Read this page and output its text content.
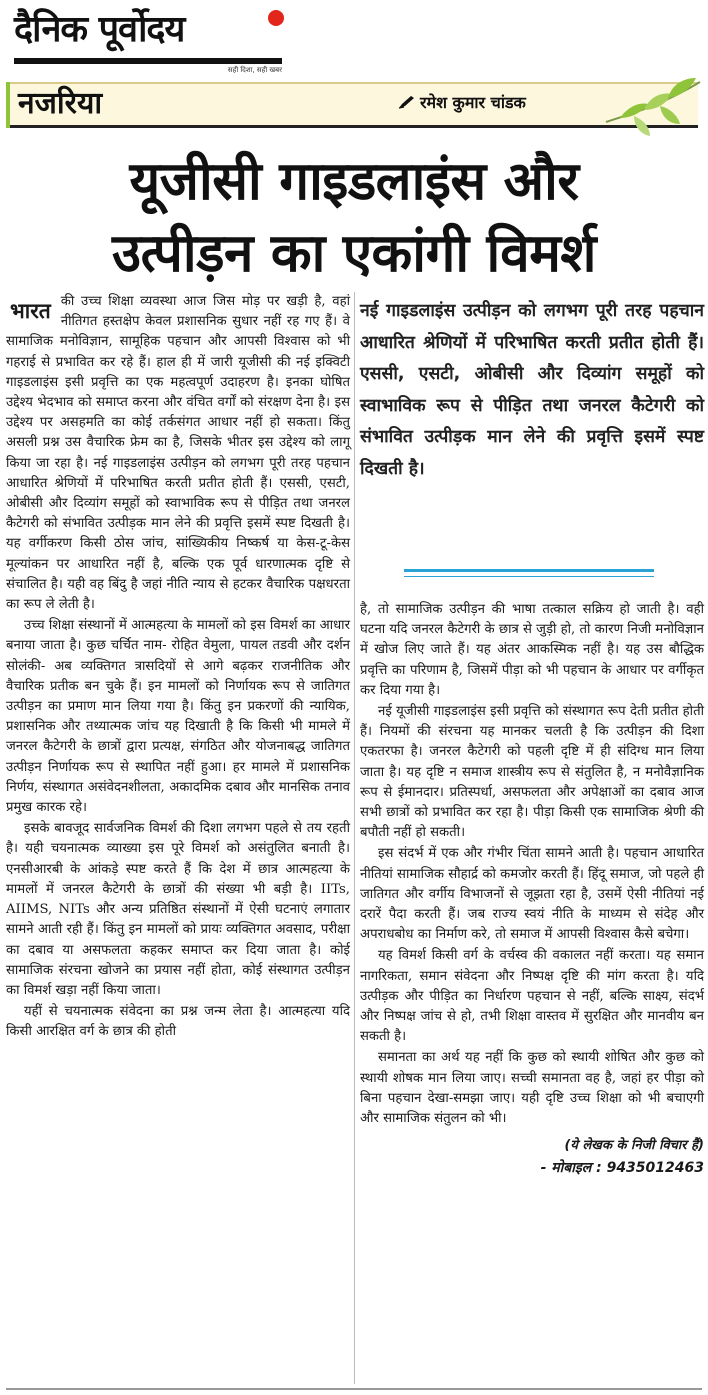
दैनिक पूर्वोदय
सही दिशा, सही खबर
नजरिया	रमेश कुमार चांडक
यूजीसी गाइडलाइंस और
उत्पीड़न का एकांगी विमर्श

भारत की उच्च शिक्षा व्यवस्था आज जिस मोड़ पर खड़ी है, वहां नीतिगत हस्तक्षेप केवल प्रशासनिक सुधार नहीं रह गए हैं। वे सामाजिक मनोविज्ञान, सामूहिक पहचान और आपसी विश्वास को भी गहराई से प्रभावित कर रहे हैं। हाल ही में जारी यूजीसी की नई इक्विटी गाइडलाइंस इसी प्रवृत्ति का एक महत्वपूर्ण उदाहरण है। इनका घोषित उद्देश्य भेदभाव को समाप्त करना और वंचित वर्गों को संरक्षण देना है। इस उद्देश्य पर असहमति का कोई तर्कसंगत आधार नहीं हो सकता। किंतु असली प्रश्न उस वैचारिक फ्रेम का है, जिसके भीतर इस उद्देश्य को लागू किया जा रहा है। नई गाइडलाइंस उत्पीड़न को लगभग पूरी तरह पहचान आधारित श्रेणियों में परिभाषित करती प्रतीत होती हैं। एससी, एसटी, ओबीसी और दिव्यांग समूहों को स्वाभाविक रूप से पीड़ित तथा जनरल कैटेगरी को संभावित उत्पीड़क मान लेने की प्रवृत्ति इसमें स्पष्ट दिखती है। यह वर्गीकरण किसी ठोस जांच, सांख्यिकीय निष्कर्ष या केस-टू-केस मूल्यांकन पर आधारित नहीं है, बल्कि एक पूर्व धारणात्मक दृष्टि से संचालित है। यही वह बिंदु है जहां नीति न्याय से हटकर वैचारिक पक्षधरता का रूप ले लेती है।

उच्च शिक्षा संस्थानों में आत्महत्या के मामलों को इस विमर्श का आधार बनाया जाता है। कुछ चर्चित नाम- रोहित वेमुला, पायल तडवी और दर्शन सोलंकी- अब व्यक्तिगत त्रासदियों से आगे बढ़कर राजनीतिक और वैचारिक प्रतीक बन चुके हैं। इन मामलों को निर्णायक रूप से जातिगत उत्पीड़न का प्रमाण मान लिया गया है। किंतु इन प्रकरणों की न्यायिक, प्रशासनिक और तथ्यात्मक जांच यह दिखाती है कि किसी भी मामले में जनरल कैटेगरी के छात्रों द्वारा प्रत्यक्ष, संगठित और योजनाबद्ध जातिगत उत्पीड़न निर्णायक रूप से स्थापित नहीं हुआ। हर मामले में प्रशासनिक निर्णय, संस्थागत असंवेदनशीलता, अकादमिक दबाव और मानसिक तनाव प्रमुख कारक रहे।

इसके बावजूद सार्वजनिक विमर्श की दिशा लगभग पहले से तय रहती है। यही चयनात्मक व्याख्या इस पूरे विमर्श को असंतुलित बनाती है। एनसीआरबी के आंकड़े स्पष्ट करते हैं कि देश में छात्र आत्महत्या के मामलों में जनरल कैटेगरी के छात्रों की संख्या भी बड़ी है। IITs, AIIMS, NITs और अन्य प्रतिष्ठित संस्थानों में ऐसी घटनाएं लगातार सामने आती रही हैं। किंतु इन मामलों को प्रायः व्यक्तिगत अवसाद, परीक्षा का दबाव या असफलता कहकर समाप्त कर दिया जाता है। कोई सामाजिक संरचना खोजने का प्रयास नहीं होता, कोई संस्थागत उत्पीड़न का विमर्श खड़ा नहीं किया जाता।

यहीं से चयनात्मक संवेदना का प्रश्न जन्म लेता है। आत्महत्या यदि किसी आरक्षित वर्ग के छात्र की होती

नई गाइडलाइंस उत्पीड़न को लगभग पूरी तरह पहचान आधारित श्रेणियों में परिभाषित करती प्रतीत होती हैं। एससी, एसटी, ओबीसी और दिव्यांग समूहों को स्वाभाविक रूप से पीड़ित तथा जनरल कैटेगरी को संभावित उत्पीड़क मान लेने की प्रवृत्ति इसमें स्पष्ट दिखती है।

है, तो सामाजिक उत्पीड़न की भाषा तत्काल सक्रिय हो जाती है। वही घटना यदि जनरल कैटेगरी के छात्र से जुड़ी हो, तो कारण निजी मनोविज्ञान में खोज लिए जाते हैं। यह अंतर आकस्मिक नहीं है। यह उस बौद्धिक प्रवृत्ति का परिणाम है, जिसमें पीड़ा को भी पहचान के आधार पर वर्गीकृत कर दिया गया है।

नई यूजीसी गाइडलाइंस इसी प्रवृत्ति को संस्थागत रूप देती प्रतीत होती हैं। नियमों की संरचना यह मानकर चलती है कि उत्पीड़न की दिशा एकतरफा है। जनरल कैटेगरी को पहली दृष्टि में ही संदिग्ध मान लिया जाता है। यह दृष्टि न समाज शास्त्रीय रूप से संतुलित है, न मनोवैज्ञानिक रूप से ईमानदार। प्रतिस्पर्धा, असफलता और अपेक्षाओं का दबाव आज सभी छात्रों को प्रभावित कर रहा है। पीड़ा किसी एक सामाजिक श्रेणी की बपौती नहीं हो सकती।

इस संदर्भ में एक और गंभीर चिंता सामने आती है। पहचान आधारित नीतियां सामाजिक सौहार्द्र को कमजोर करती हैं। हिंदू समाज, जो पहले ही जातिगत और वर्गीय विभाजनों से जूझता रहा है, उसमें ऐसी नीतियां नई दरारें पैदा करती हैं। जब राज्य स्वयं नीति के माध्यम से संदेह और अपराधबोध का निर्माण करे, तो समाज में आपसी विश्वास कैसे बचेगा।

यह विमर्श किसी वर्ग के वर्चस्व की वकालत नहीं करता। यह समान नागरिकता, समान संवेदना और निष्पक्ष दृष्टि की मांग करता है। यदि उत्पीड़क और पीड़ित का निर्धारण पहचान से नहीं, बल्कि साक्ष्य, संदर्भ और निष्पक्ष जांच से हो, तभी शिक्षा वास्तव में सुरक्षित और मानवीय बन सकती है।

समानता का अर्थ यह नहीं कि कुछ को स्थायी शोषित और कुछ को स्थायी शोषक मान लिया जाए। सच्ची समानता वह है, जहां हर पीड़ा को बिना पहचान देखा-समझा जाए। यही दृष्टि उच्च शिक्षा को भी बचाएगी और सामाजिक संतुलन को भी।

(ये लेखक के निजी विचार हैं)
- मोबाइल : 9435012463
